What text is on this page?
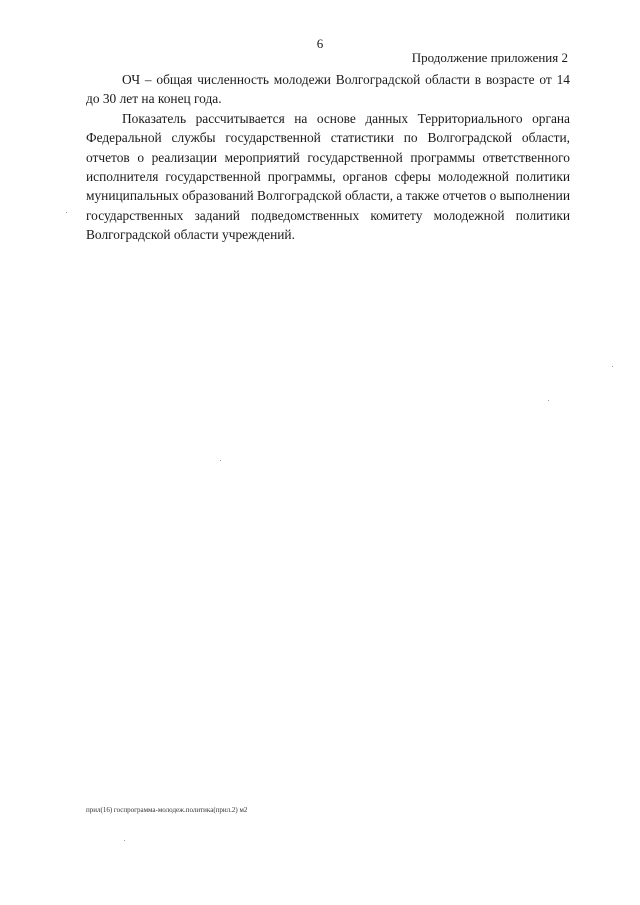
6
Продолжение приложения 2

ОЧ – общая численность молодежи Волгоградской области в возрасте от 14 до 30 лет на конец года.

Показатель рассчитывается на основе данных Территориального органа Федеральной службы государственной статистики по Волгоградской области, отчетов о реализации мероприятий государственной программы ответственного исполнителя государственной программы, органов сферы молодежной политики муниципальных образований Волгоградской области, а также отчетов о выполнении государственных заданий подведомственных комитету молодежной политики Волгоградской области учреждений.

прил(16) госпрограмма-молодеж.политика(прил.2) м2
